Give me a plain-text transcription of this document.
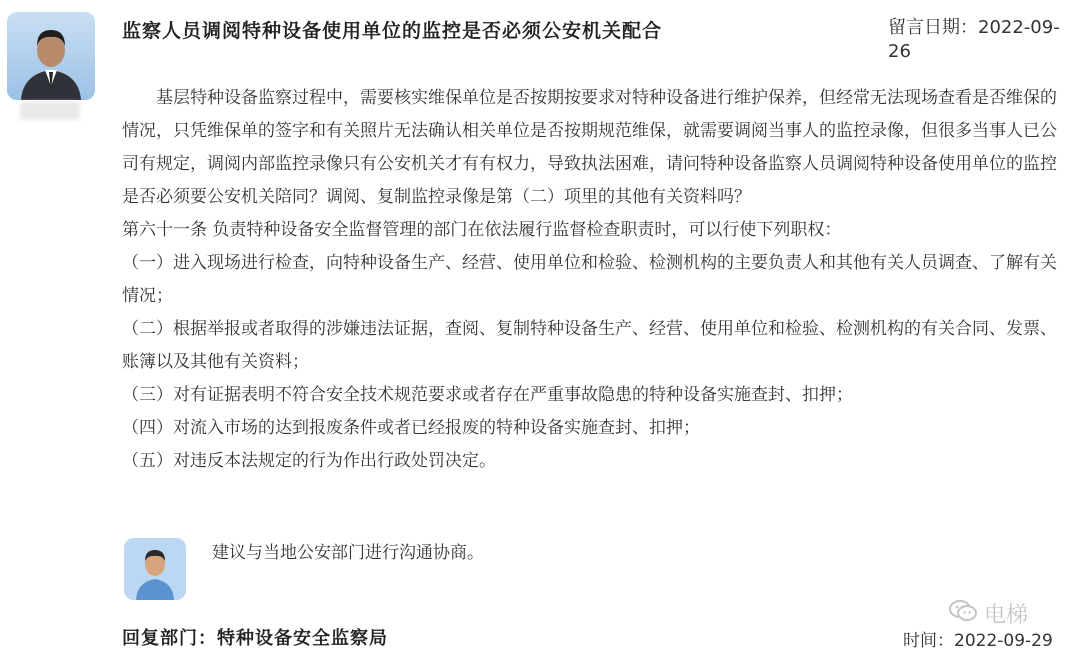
监察人员调阅特种设备使用单位的监控是否必须公安机关配合	留言日期：2022-09-26

基层特种设备监察过程中，需要核实维保单位是否按期按要求对特种设备进行维护保养，但经常无法现场查看是否维保的情况，只凭维保单的签字和有关照片无法确认相关单位是否按期规范维保，就需要调阅当事人的监控录像，但很多当事人已公司有规定，调阅内部监控录像只有公安机关才有有权力，导致执法困难，请问特种设备监察人员调阅特种设备使用单位的监控是否必须要公安机关陪同？调阅、复制监控录像是第（二）项里的其他有关资料吗？

第六十一条 负责特种设备安全监督管理的部门在依法履行监督检查职责时，可以行使下列职权：

（一）进入现场进行检查，向特种设备生产、经营、使用单位和检验、检测机构的主要负责人和其他有关人员调查、了解有关情况；

（二）根据举报或者取得的涉嫌违法证据，查阅、复制特种设备生产、经营、使用单位和检验、检测机构的有关合同、发票、账簿以及其他有关资料；

（三）对有证据表明不符合安全技术规范要求或者存在严重事故隐患的特种设备实施查封、扣押；

（四）对流入市场的达到报废条件或者已经报废的特种设备实施查封、扣押；

（五）对违反本法规定的行为作出行政处罚决定。

建议与当地公安部门进行沟通协商。
回复部门：特种设备安全监察局	时间：2022-09-29
电梯
